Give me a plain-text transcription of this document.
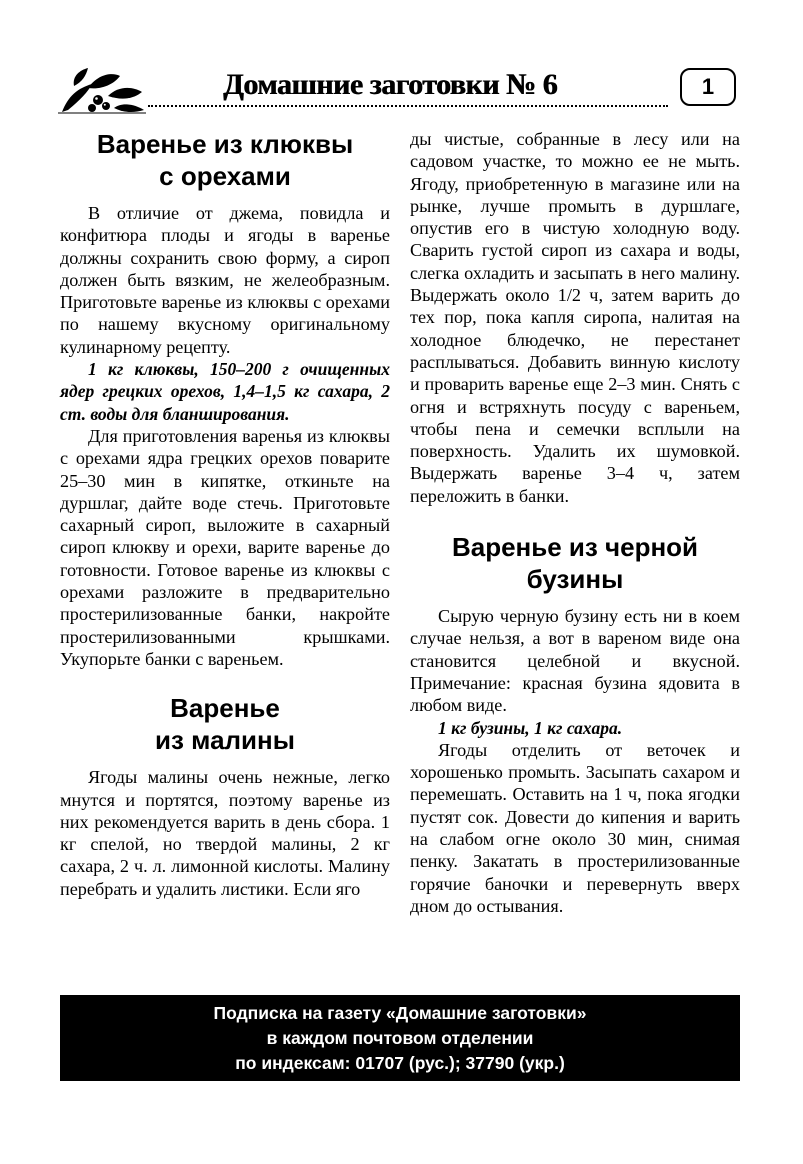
Домашние заготовки № 6	1
Варенье из клюквы
с орехами

В отличие от джема, повидла и конфитюра плоды и ягоды в варенье должны сохранить свою форму, а сироп должен быть вязким, не желеобразным. Приготовьте варенье из клюквы с орехами по нашему вкусному оригинальному кулинарному рецепту.

1 кг клюквы, 150–200 г очищенных ядер грецких орехов, 1,4–1,5 кг сахара, 2 ст. воды для бланширования.

Для приготовления варенья из клюквы с орехами ядра грецких орехов поварите 25–30 мин в кипятке, откиньте на дуршлаг, дайте воде стечь. Приготовьте сахарный сироп, выложите в сахарный сироп клюкву и орехи, варите варенье до готовности. Готовое варенье из клюквы с орехами разложите в предварительно простерилизованные банки, накройте простерилизованными крышками. Укупорьте банки с вареньем.

Варенье
из малины

Ягоды малины очень нежные, легко мнутся и портятся, поэтому варенье из них рекомендуется варить в день сбора. 1 кг спелой, но твердой малины, 2 кг сахара, 2 ч. л. лимонной кислоты. Малину перебрать и удалить листики. Если яго

ды чистые, собранные в лесу или на садовом участке, то можно ее не мыть. Ягоду, приобретенную в магазине или на рынке, лучше промыть в дуршлаге, опустив его в чистую холодную воду. Сварить густой сироп из сахара и воды, слегка охладить и засыпать в него малину. Выдержать около 1/2 ч, затем варить до тех пор, пока капля сиропа, налитая на холодное блюдечко, не перестанет расплываться. Добавить винную кислоту и проварить варенье еще 2–3 мин. Снять с огня и встряхнуть посуду с вареньем, чтобы пена и семечки всплыли на поверхность. Удалить их шумовкой. Выдержать варенье 3–4 ч, затем переложить в банки.

Варенье из черной
бузины

Сырую черную бузину есть ни в коем случае нельзя, а вот в вареном виде она становится целебной и вкусной. Примечание: красная бузина ядовита в любом виде.

1 кг бузины, 1 кг сахара.

Ягоды отделить от веточек и хорошенько промыть. Засыпать сахаром и перемешать. Оставить на 1 ч, пока ягодки пустят сок. Довести до кипения и варить на слабом огне около 30 мин, снимая пенку. Закатать в простерилизованные горячие баночки и перевернуть вверх дном до остывания.

Подписка на газету «Домашние заготовки»
в каждом почтовом отделении
по индексам: 01707 (рус.); 37790 (укр.)
